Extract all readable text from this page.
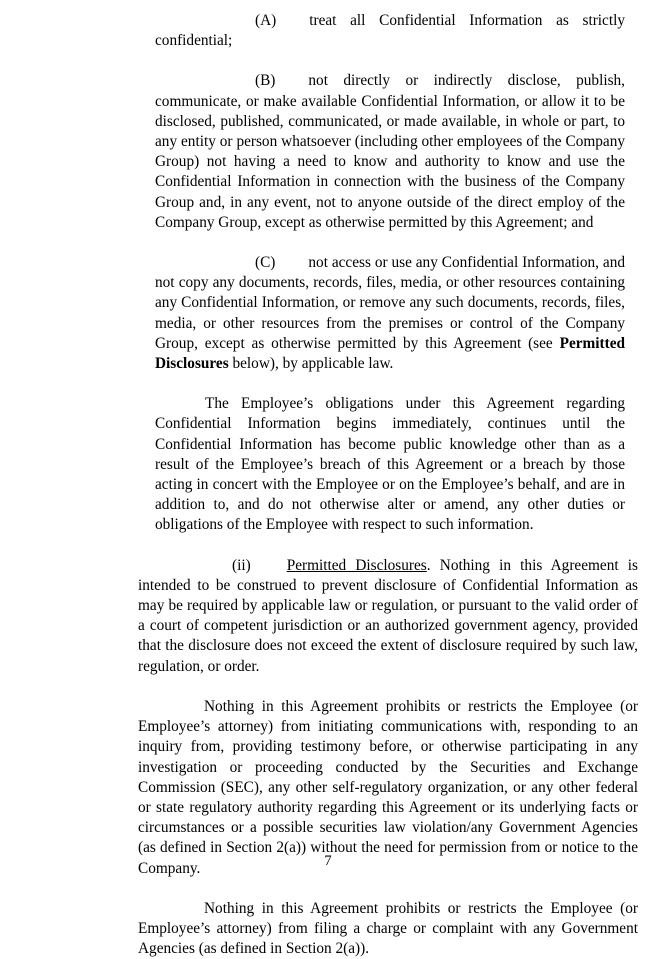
(A) treat all Confidential Information as strictly confidential;

(B) not directly or indirectly disclose, publish, communicate, or make available Confidential Information, or allow it to be disclosed, published, communicated, or made available, in whole or part, to any entity or person whatsoever (including other employees of the Company Group) not having a need to know and authority to know and use the Confidential Information in connection with the business of the Company Group and, in any event, not to anyone outside of the direct employ of the Company Group, except as otherwise permitted by this Agreement; and

(C) not access or use any Confidential Information, and not copy any documents, records, files, media, or other resources containing any Confidential Information, or remove any such documents, records, files, media, or other resources from the premises or control of the Company Group, except as otherwise permitted by this Agreement (see Permitted Disclosures below), by applicable law.

The Employee’s obligations under this Agreement regarding Confidential Information begins immediately, continues until the Confidential Information has become public knowledge other than as a result of the Employee’s breach of this Agreement or a breach by those acting in concert with the Employee or on the Employee’s behalf, and are in addition to, and do not otherwise alter or amend, any other duties or obligations of the Employee with respect to such information.

(ii) Permitted Disclosures. Nothing in this Agreement is intended to be construed to prevent disclosure of Confidential Information as may be required by applicable law or regulation, or pursuant to the valid order of a court of competent jurisdiction or an authorized government agency, provided that the disclosure does not exceed the extent of disclosure required by such law, regulation, or order.

Nothing in this Agreement prohibits or restricts the Employee (or Employee’s attorney) from initiating communications with, responding to an inquiry from, providing testimony before, or otherwise participating in any investigation or proceeding conducted by the Securities and Exchange Commission (SEC), any other self-regulatory organization, or any other federal or state regulatory authority regarding this Agreement or its underlying facts or circumstances or a possible securities law violation/any Government Agencies (as defined in Section 2(a)) without the need for permission from or notice to the Company.

Nothing in this Agreement prohibits or restricts the Employee (or Employee’s attorney) from filing a charge or complaint with any Government Agencies (as defined in Section 2(a)).

7
